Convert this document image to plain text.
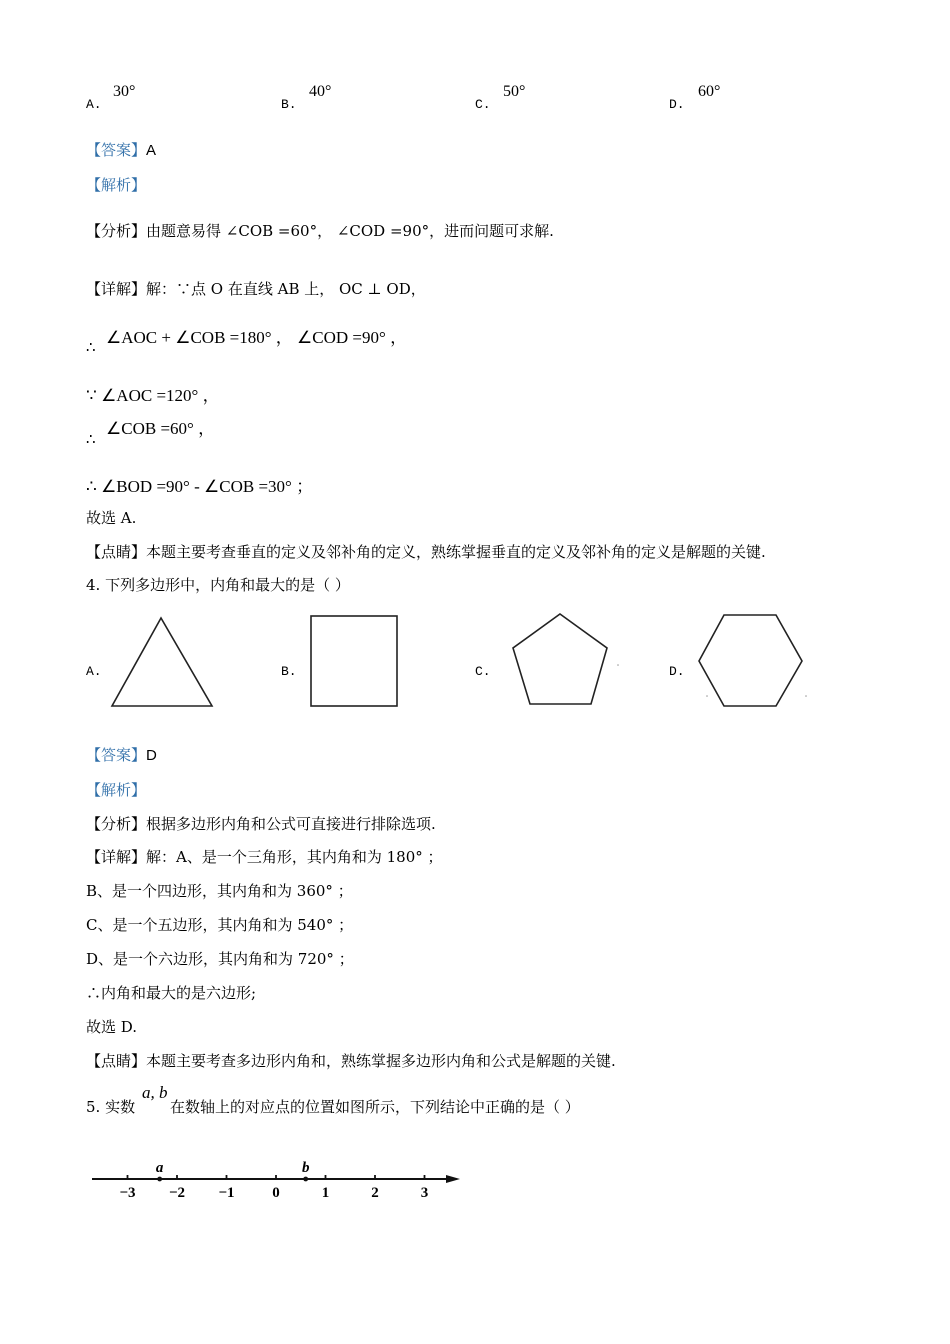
A.
30°
B.
40°
C.
50°
D.
60°
【答案】A
【解析】
【分析】由题意易得 ∠COB =60°， ∠COD =90°，进而问题可求解.
【详解】解：∵点 O 在直线 AB 上， OC ⊥ OD，
∴ ∠AOC + ∠COB =180° ， ∠COD =90° ，
∵ ∠AOC =120° ，
∴
∠COB =60° ，
∴ ∠BOD =90° - ∠COB =30° ；
故选 A.
【点睛】本题主要考查垂直的定义及邻补角的定义，熟练掌握垂直的定义及邻补角的定义是解题的关键.
4. 下列多边形中，内角和最大的是（ ）
A.	B.	C.	D.
【答案】D
【解析】
【分析】根据多边形内角和公式可直接进行排除选项.
【详解】解：A、是一个三角形，其内角和为 180° ；
B、是一个四边形，其内角和为 360° ；
C、是一个五边形，其内角和为 540° ；
D、是一个六边形，其内角和为 720° ；
∴内角和最大的是六边形;
故选 D.
【点睛】本题主要考查多边形内角和，熟练掌握多边形内角和公式是解题的关键.
5. 实数
a, b
在数轴上的对应点的位置如图所示，下列结论中正确的是（ ）
−3 −2 −1	0	1	2	3
a	b
